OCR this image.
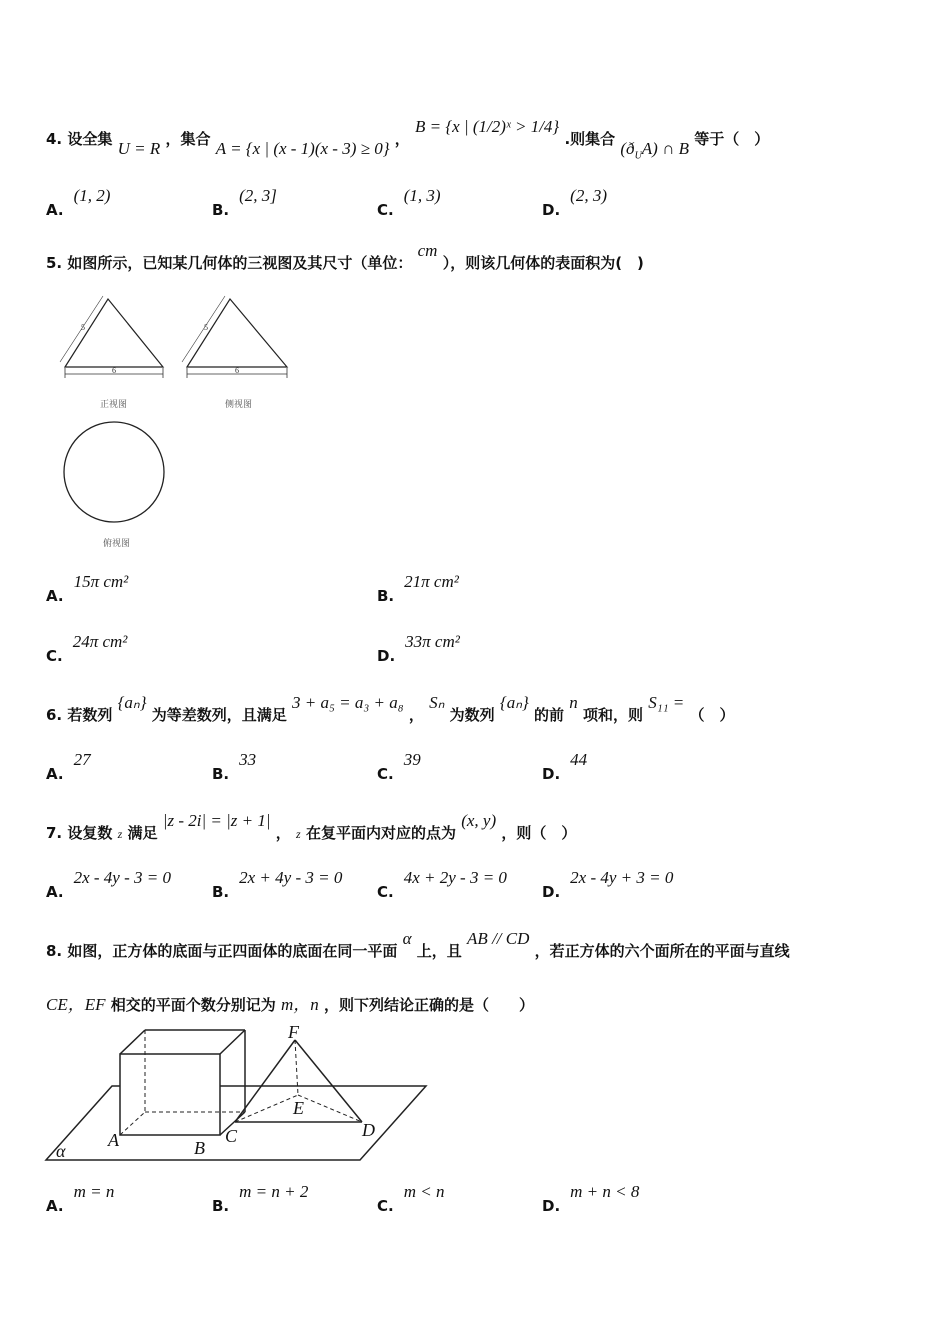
4. 设全集 U = R ，集合 A = {x | (x - 1)(x - 3) ≥ 0} ， B = {x | (1/2)ˣ > 1/4} .则集合 $(ð_UA)$ ∩ B 等于（　）
A.(1, 2)
B.(2, 3]
C.(1, 3)
D.(2, 3)
5. 如图所示，已知某几何体的三视图及其尺寸（单位： cm ），则该几何体的表面积为(　)
5
6
正视图
5
6
侧视图
俯视图
A.15π cm²
B.21π cm²
C.24π cm²
D.33π cm²
6. 若数列 {aₙ} 为等差数列，且满足 3 + a₅ = a₃ + a₈ ， Sₙ 为数列 {aₙ} 的前 n 项和，则 S₁₁ = （　）
A.27
B.33
C.39
D.44
7. 设复数 z 满足 |z - 2i| = |z + 1| ， z 在复平面内对应的点为 (x, y) ，则（　）
A.2x - 4y - 3 = 0
B.2x + 4y - 3 = 0
C.4x + 2y - 3 = 0
D.2x - 4y + 3 = 0
8. 如图，正方体的底面与正四面体的底面在同一平面 α 上，且 AB // CD ，若正方体的六个面所在的平面与直线
CE，EF 相交的平面个数分别记为 m，n ，则下列结论正确的是（　　）
F
E
A	B
C	D
α
A.m = n
B.m = n + 2
C.m < n
D.m + n < 8
